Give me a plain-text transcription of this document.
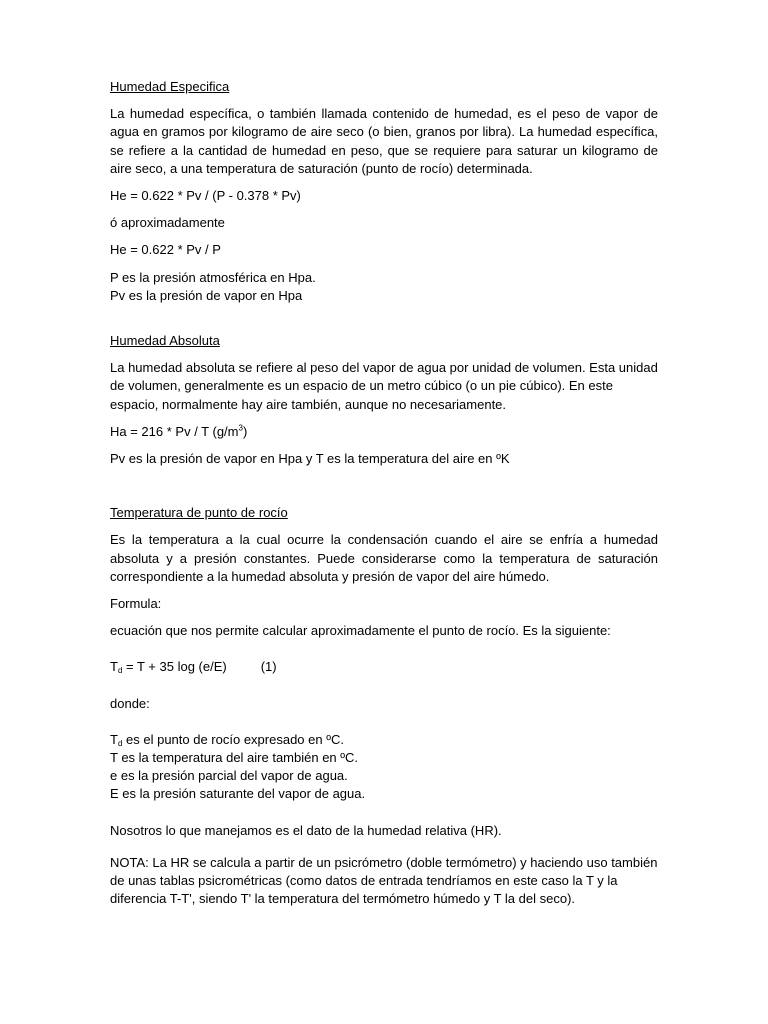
Humedad Especifica

La humedad específica, o también llamada contenido de humedad, es el peso de vapor de agua en gramos por kilogramo de aire seco (o bien, granos por libra). La humedad específica, se refiere a la cantidad de humedad en peso, que se requiere para saturar un kilogramo de aire seco, a una temperatura de saturación (punto de rocío) determinada.

He = 0.622 * Pv / (P - 0.378 * Pv)

ó aproximadamente

He = 0.622 * Pv / P

P es la presión atmosférica en Hpa.
Pv es la presión de vapor en Hpa
Humedad Absoluta

La humedad absoluta se refiere al peso del vapor de agua por unidad de volumen. Esta unidad de volumen, generalmente es un espacio de un metro cúbico (o un pie cúbico). En este espacio, normalmente hay aire también, aunque no necesariamente.

Ha = 216 * Pv / T $(g/m^3)$

Pv es la presión de vapor en Hpa y T es la temperatura del aire en ºK

Temperatura de punto de rocío

Es la temperatura a la cual ocurre la condensación cuando el aire se enfría a humedad absoluta y a presión constantes. Puede considerarse como la temperatura de saturación correspondiente a la humedad absoluta y presión de vapor del aire húmedo.

Formula:

ecuación que nos permite calcular aproximadamente el punto de rocío. Es la siguiente:

$T_d = T + 35$ log (e/E)	(1)

donde:

$T_d$ es el punto de rocío expresado en ºC.
T es la temperatura del aire también en ºC.
e es la presión parcial del vapor de agua.
E es la presión saturante del vapor de agua.

Nosotros lo que manejamos es el dato de la humedad relativa (HR).

NOTA: La HR se calcula a partir de un psicrómetro (doble termómetro) y haciendo uso también de unas tablas psicrométricas (como datos de entrada tendríamos en este caso la T y la diferencia T-T', siendo T' la temperatura del termómetro húmedo y T la del seco).
